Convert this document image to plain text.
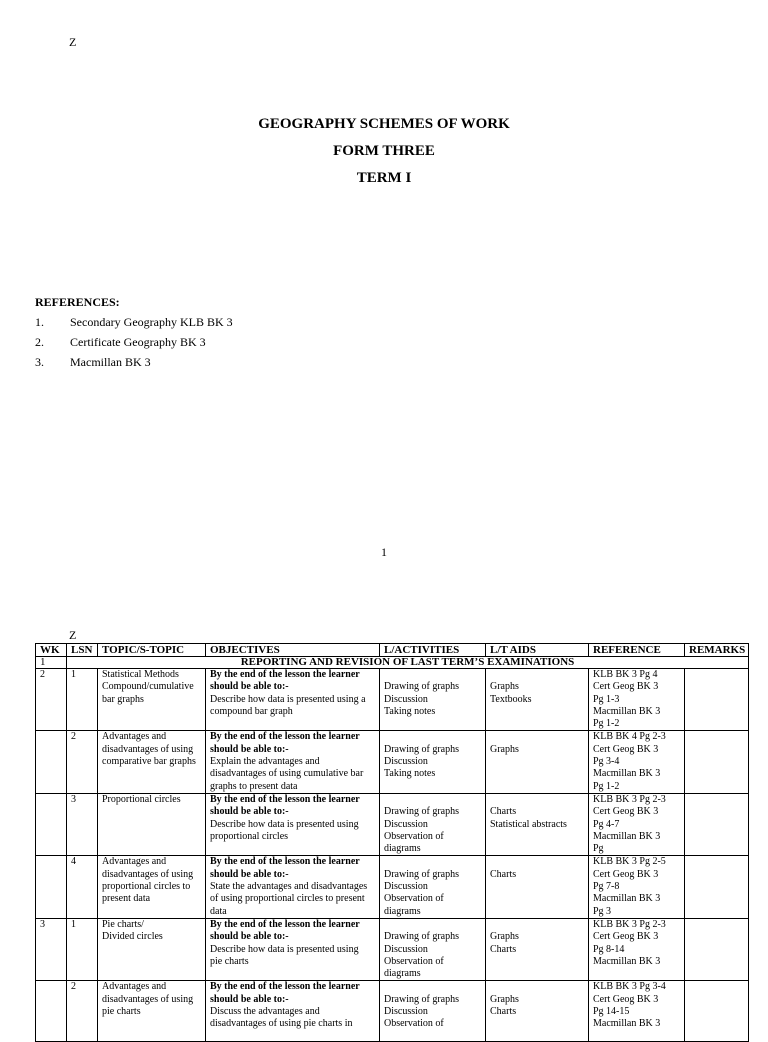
Z
GEOGRAPHY SCHEMES OF WORK
FORM THREE
TERM I
REFERENCES:
1. Secondary Geography KLB BK 3
2. Certificate Geography BK 3
3. Macmillan BK 3
1
Z
WK	LSN	TOPIC/S-TOPIC	OBJECTIVES	L/ACTIVITIES	L/T AIDS	REFERENCE	REMARKS
1	REPORTING AND REVISION OF LAST TERM’S EXAMINATIONS						
2	1	Statistical Methods
Compound/cumulative
bar graphs	By the end of the lesson the learner
should be able to:-
Describe how data is presented using a
compound bar graph	Drawing of graphs
Discussion
Taking notes	Graphs
Textbooks	KLB BK 3 Pg 4
Cert Geog BK 3
Pg 1-3
Macmillan BK 3
Pg 1-2	

	2	Advantages and
disadvantages of using
comparative bar graphs	By the end of the lesson the learner
should be able to:-
Explain the advantages and
disadvantages of using cumulative bar
graphs to present data	Drawing of graphs
Discussion
Taking notes	Graphs	KLB BK 4 Pg 2-3
Cert Geog BK 3
Pg 3-4
Macmillan BK 3
Pg 1-2	

	3	Proportional circles	By the end of the lesson the learner
should be able to:-
Describe how data is presented using
proportional circles	Drawing of graphs
Discussion
Observation of
diagrams	Charts
Statistical abstracts	KLB BK 3 Pg 2-3
Cert Geog BK 3
Pg 4-7
Macmillan BK 3
Pg	

	4	Advantages and
disadvantages of using
proportional circles to
present data	By the end of the lesson the learner
should be able to:-
State the advantages and disadvantages
of using proportional circles to present
data	Drawing of graphs
Discussion
Observation of
diagrams	Charts	KLB BK 3 Pg 2-5
Cert Geog BK 3
Pg 7-8
Macmillan BK 3
Pg 3	

3	1	Pie charts/
Divided circles	By the end of the lesson the learner
should be able to:-
Describe how data is presented using
pie charts	Drawing of graphs
Discussion
Observation of
diagrams	Graphs
Charts	KLB BK 3 Pg 2-3
Cert Geog BK 3
Pg 8-14
Macmillan BK 3	

	2	Advantages and
disadvantages of using
pie charts	By the end of the lesson the learner
should be able to:-
Discuss the advantages and
disadvantages of using pie charts in	Drawing of graphs
Discussion
Observation of	Graphs
Charts	KLB BK 3 Pg 3-4
Cert Geog BK 3
Pg 14-15
Macmillan BK 3	
